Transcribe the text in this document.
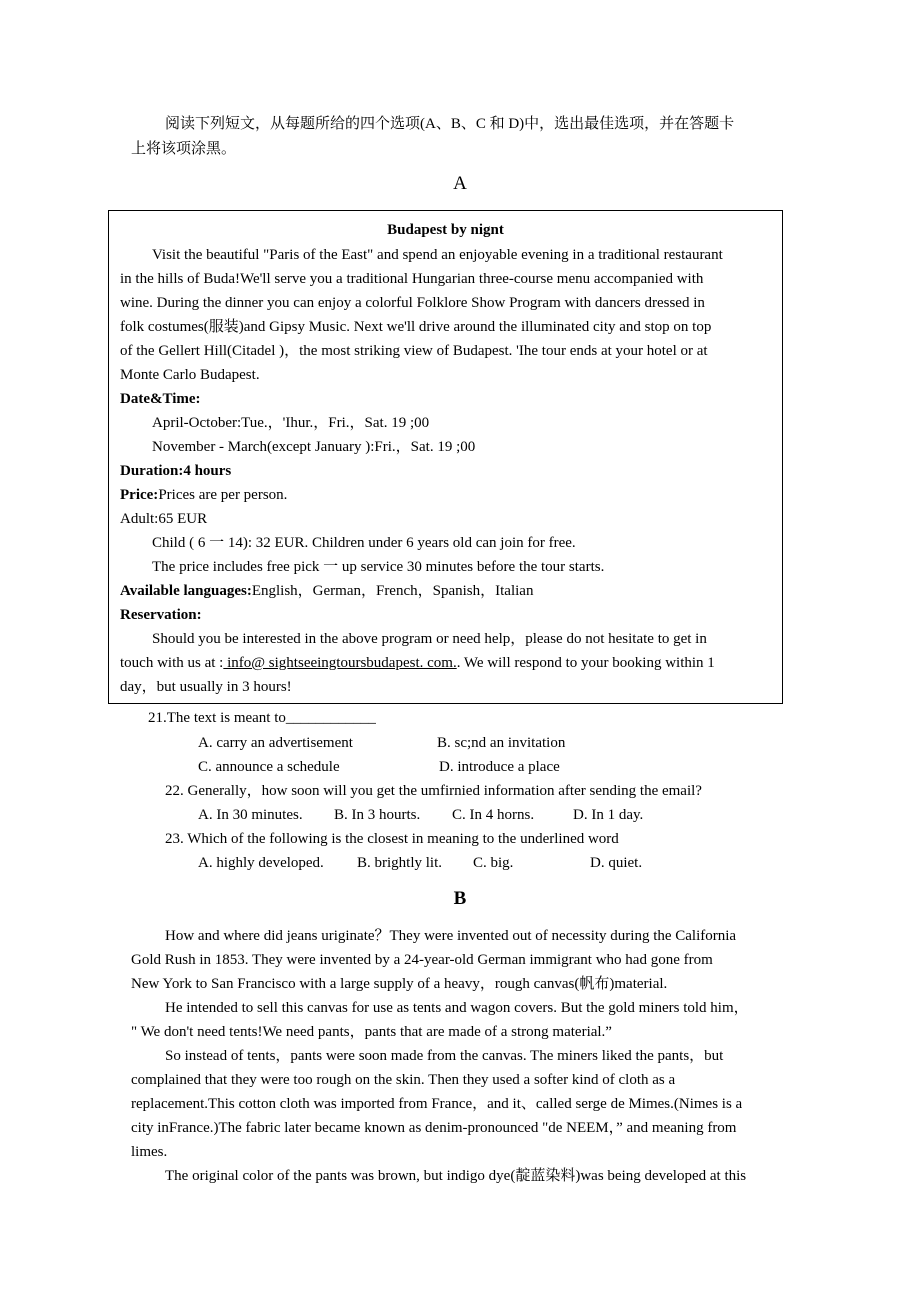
阅读下列短文，从每题所给的四个选项(A、B、C 和 D)中，选出最佳选项，并在答题卡
上将该项涂黑。
A
Budapest by nignt
Visit the beautiful "Paris of the East" and spend an enjoyable evening in a traditional restaurant
in the hills of Buda!We'll serve you a traditional Hungarian three-course menu accompanied with
wine. During the dinner you can enjoy a colorful Folklore Show Program with dancers dressed in
folk costumes(服装)and Gipsy Music. Next we'll drive around the illuminated city and stop on top
of the Gellert Hill(Citadel )，the most striking view of Budapest. 'Ihe tour ends at your hotel or at
Monte Carlo Budapest.
Date&Time:
April-October:Tue.，'Ihur.，Fri.，Sat. 19 ;00
November - March(except January ):Fri.，Sat. 19 ;00
Duration:4 hours
Price:Prices are per person.
Adult:65 EUR
Child ( 6 一 14): 32 EUR. Children under 6 years old can join for free.
The price includes free pick 一 up service 30 minutes before the tour starts.
Available languages:English，German，French，Spanish，Italian
Reservation:
Should you be interested in the above program or need help，please do not hesitate to get in
touch with us at : info@ sightseeingtoursbudapest. com.. We will respond to your booking within 1
day，but usually in 3 hours!
21.The text is meant to____________
A. carry an advertisement	B. sc;nd an invitation
C. announce a schedule	D. introduce a place
22. Generally，how soon will you get the umfirnied information after sending the email?
A. In 30 minutes. B. In 3 hourts. C. In 4 horns.	D. In 1 day.
23. Which of the following is the closest in meaning to the underlined word
A. highly developed. B. brightly lit. C. big.	D. quiet.
B
How and where did jeans uriginate？They were invented out of necessity during the California
Gold Rush in 1853. They were invented by a 24-year-old German immigrant who had gone from
New York to San Francisco with a large supply of a heavy，rough canvas(帆布)material.
He intended to sell this canvas for use as tents and wagon covers. But the gold miners told him，
" We don't need tents!We need pants，pants that are made of a strong material.”
So instead of tents，pants were soon made from the canvas. The miners liked the pants，but
complained that they were too rough on the skin. Then they used a softer kind of cloth as a
replacement.This cotton cloth was imported from France，and it、called serge de Mimes.(Nimes is a
city inFrance.)The fabric later became known as denim-pronounced "de NEEM，” and meaning from
limes.
The original color of the pants was brown, but indigo dye(靛蓝染料)was being developed at this
